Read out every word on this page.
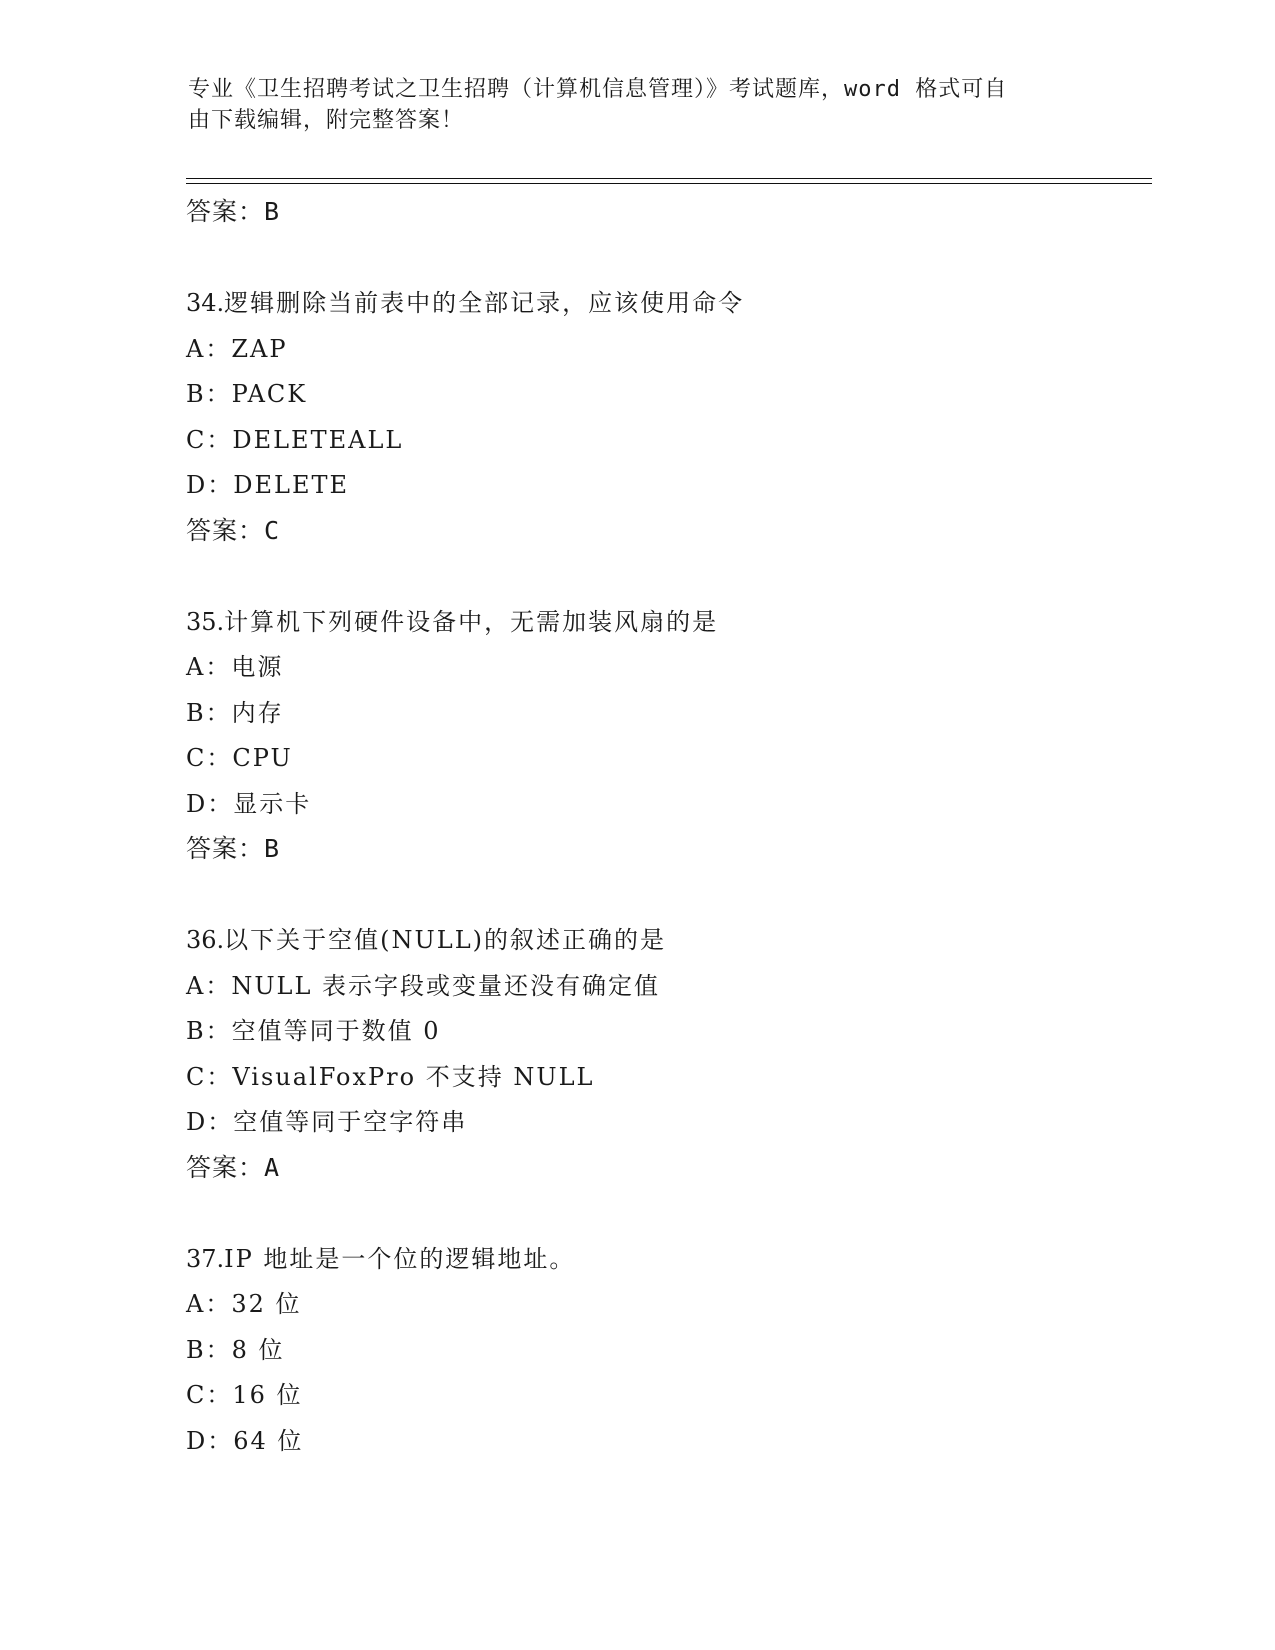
专业《卫生招聘考试之卫生招聘（计算机信息管理）》考试题库，word 格式可自
由下载编辑，附完整答案！
答案：B
34.逻辑删除当前表中的全部记录，应该使用命令
A：ZAP
B：PACK
C：DELETEALL
D：DELETE
答案：C
35.计算机下列硬件设备中，无需加装风扇的是
A：电源
B：内存
C：CPU
D：显示卡
答案：B
36.以下关于空值(NULL)的叙述正确的是
A：NULL 表示字段或变量还没有确定值
B：空值等同于数值 0
C：VisualFoxPro 不支持 NULL
D：空值等同于空字符串
答案：A
37.IP 地址是一个位的逻辑地址。
A：32 位
B：8 位
C：16 位
D：64 位
